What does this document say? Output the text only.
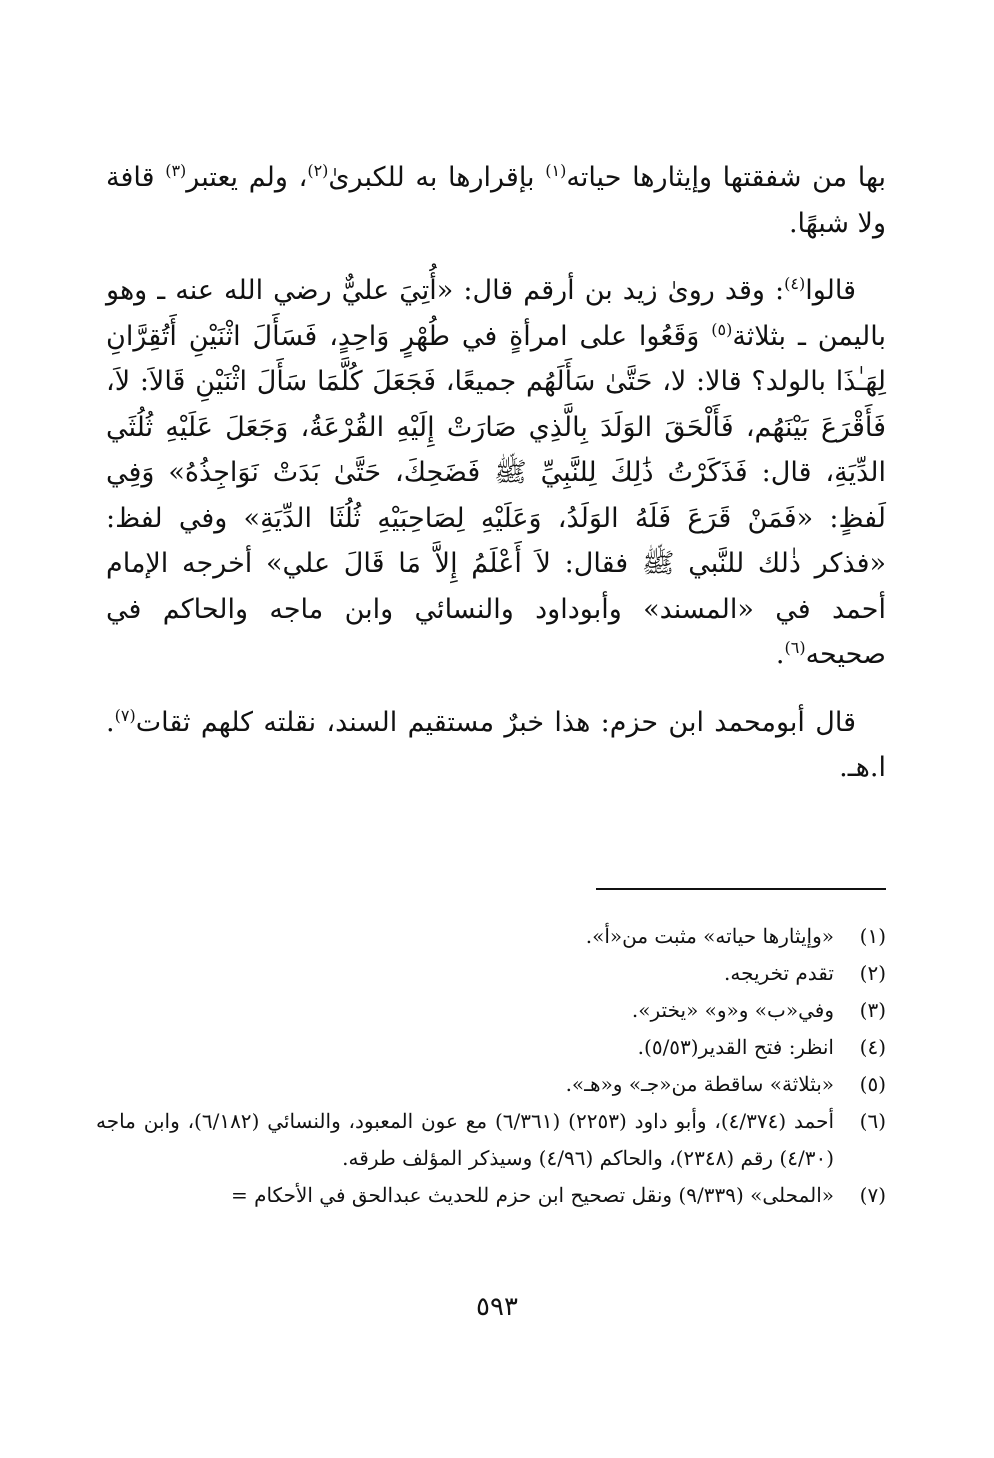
بها من شفقتها وإيثارها حياته$^{(١)}$ بإقرارها به للكبرىٰ$^{(٢)}$، ولم يعتبر$^{(٣)}$ قافة ولا شبهًا.

قالوا$^{(٤)}$: وقد روىٰ زيد بن أرقم قال: «أُتِيَ عليٌّ رضي الله عنه ـ وهو باليمن ـ بثلاثة$^{(٥)}$ وَقَعُوا على امرأةٍ في طُهْرٍ وَاحِدٍ، فَسَأَلَ اثْنَيْنِ أَتُقِرَّانِ لِهَـٰذَا بالولد؟ قالا: لا، حَتَّىٰ سَأَلَهُم جميعًا، فَجَعَلَ كُلَّمَا سَأَلَ اثْنَيْنِ قَالاَ: لاَ، فَأَقْرَعَ بَيْنَهُم، فَأَلْحَقَ الوَلَدَ بِالَّذِي صَارَتْ إِلَيْهِ القُرْعَةُ، وَجَعَلَ عَلَيْهِ ثُلُثَي الدِّيَةِ، قال: فَذَكَرْتُ ذَٰلِكَ لِلنَّبِيِّ ﷺ فَضَحِكَ، حَتَّىٰ بَدَتْ نَوَاجِذُهُ» وَفِي لَفظٍ: «فَمَنْ قَرَعَ فَلَهُ الوَلَدُ، وَعَلَيْهِ لِصَاحِبَيْهِ ثُلُثَا الدِّيَةِ» وفي لفظ: «فذكر ذٰلك للنَّبي ﷺ فقال: لاَ أَعْلَمُ إِلاَّ مَا قَالَ علي» أخرجه الإمام أحمد في «المسند» وأبوداود والنسائي وابن ماجه والحاكم في صحيحه$^{(٦)}$.

قال أبومحمد ابن حزم: هذا خبرٌ مستقيم السند، نقلته كلهم ثقات$^{(٧)}$. ا.هـ.

(١)
«وإيثارها حياته» مثبت من«أ».
(٢)
تقدم تخريجه.
(٣)
وفي«ب» و«و» «يختر».
(٤)
انظر: فتح القدير(٥/٥٣).
(٥)
«بثلاثة» ساقطة من«جـ» و«هـ».
(٦)
أحمد (٤/٣٧٤)، وأبو داود (٢٢٥٣) (٦/٣٦١) مع عون المعبود، والنسائي (٦/١٨٢)، وابن ماجه (٤/٣٠) رقم (٢٣٤٨)، والحاكم (٤/٩٦) وسيذكر المؤلف طرقه.
(٧)
«المحلى» (٩/٣٣٩) ونقل تصحيح ابن حزم للحديث عبدالحق في الأحكام =
٥٩٣
